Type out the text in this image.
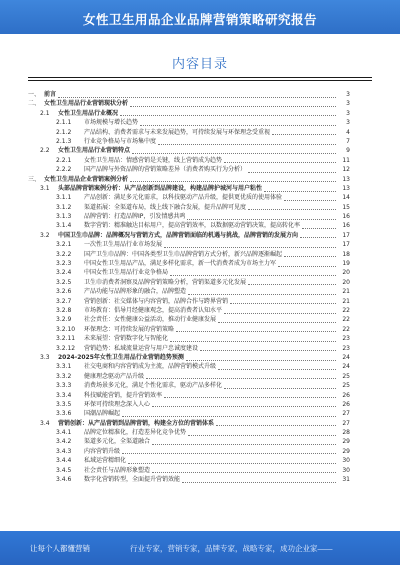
女性卫生用品企业品牌营销策略研究报告
内容目录
一、 前言	3
二、 女性卫生用品行业营销现状分析	3
2.1 女性卫生用品行业概况	3
2.1.1 市场规模与增长趋势	3
2.1.2 产品结构、消费者需求与未来发展趋势，可持续发展与环保理念受重视	4
2.1.3 行业竞争格局与市场集中度	7
2.2 女性卫生用品行业营销特点	9
2.2.1 女性卫生用品：情感营销是关键，线上营销成为趋势	11
2.2.2 国产品牌与外资品牌的营销策略差异（消费者购买行为分析）	12
三、 女性卫生用品企业营销案例分析	13
3.1 头部品牌营销案例分析：从产品创新到品牌建设，构建品牌护城河与用户粘性	13
3.1.1 产品创新：满足多元化需求，以科技驱动产品升级，提供更优质的使用体验	14
3.1.2 渠道拓展：全渠道布局，线上线下融合发展，提升品牌可见度	15
3.1.3 品牌营销：打造品牌IP，引发情感共鸣	16
3.1.4 数字营销：精准触达目标用户，提高营销效率，以数据驱动营销决策，提高转化率	16
3.2 中国卫生巾品牌：品牌概况与营销方式，品牌营销面临的机遇与挑战，品牌营销的发展方向	17
3.2.1 一次性卫生用品行业市场发展	17
3.2.2 国产卫生巾品牌：中国各类型卫生巾品牌营销方式分析，新兴品牌逐渐崛起	18
3.2.3 中国女性卫生用品产品，满足多样化需求，新一代消费者成为市场主力军	19
3.2.4 中国女性卫生用品行业竞争格局	20
3.2.5 卫生巾消费者洞察及品牌营销策略分析，营销渠道多元化发展	20
3.2.6 产品功能与品牌形象的融合，品牌塑造	21
3.2.7 营销创新：社交媒体与内容营销，品牌合作与跨界营销	21
3.2.8 市场教育：倡导月经健康观念，提高消费者认知水平	22
3.2.9 社会责任：女性健康公益活动，推动行业健康发展	22
3.2.10 环保理念：可持续发展的营销策略	22
3.2.11 未来展望：营销数字化与智能化	23
3.2.12 营销趋势：私域流量运营与用户忠诚度建设	23
3.3 2024-2025年女性卫生用品行业营销趋势预测	24
3.3.1 社交电商和内容营销成为主流，品牌营销模式升级	24
3.3.2 健康理念驱动产品升级	25
3.3.3 消费场景多元化，满足个性化需求，驱动产品多样化	25
3.3.4 科技赋能营销，提升营销效率	26
3.3.5 环保可持续理念深入人心	26
3.3.6 国潮品牌崛起	27
3.4 营销创新：从产品营销到品牌营销，构建全方位的营销体系	27
3.4.1 品牌定位精准化，打造差异化竞争优势	28
3.4.2 渠道多元化，全渠道融合	29
3.4.3 内容营销升级	29
3.4.4 私域运营精细化	30
3.4.5 社会责任与品牌形象塑造	30
3.4.6 数字化营销转型，全面提升营销效能	31
让每个人都懂营销	行业专家，营销专家，品牌专家，战略专家，成功企业家——
